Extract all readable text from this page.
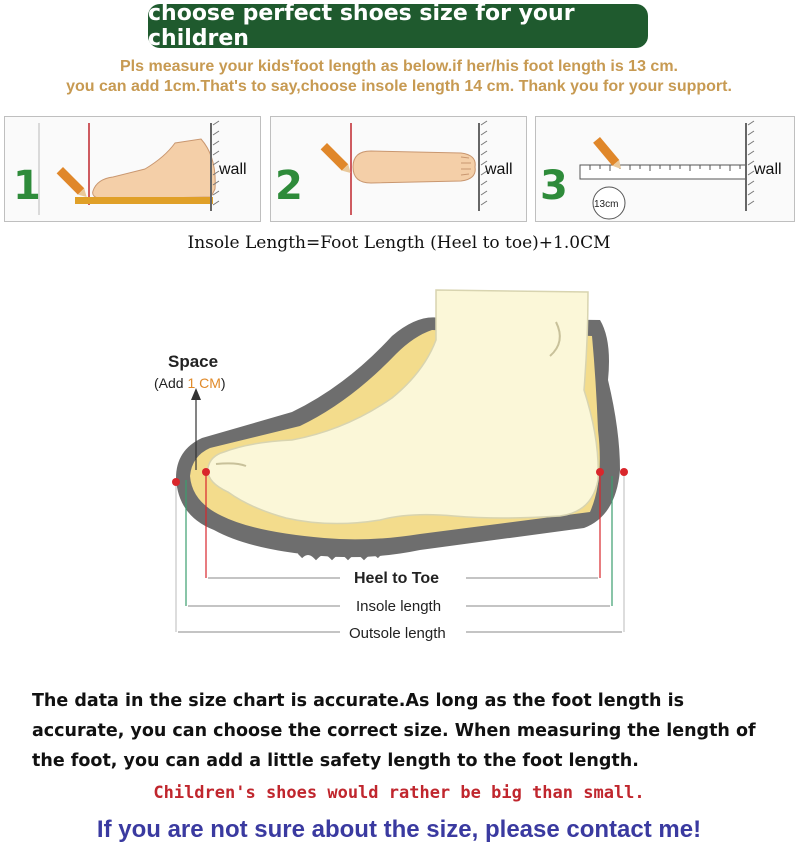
choose perfect shoes size for your children
Pls measure your kids'foot length as below.if her/his foot length is 13 cm.
you can add 1cm.That's to say,choose insole length 14 cm. Thank you for your support.
1	wall 2	wall 3	13cm
wall
Insole Length=Foot Length (Heel to toe)+1.0CM
Space
(Add 1 CM)
Heel to Toe
Insole length
Outsole length
The data in the size chart is accurate.As long as the foot length is accurate, you can choose the correct size. When measuring the length of the foot, you can add a little safety length to the foot length.
Children's shoes would rather be big than small.
If you are not sure about the size, please contact me!
